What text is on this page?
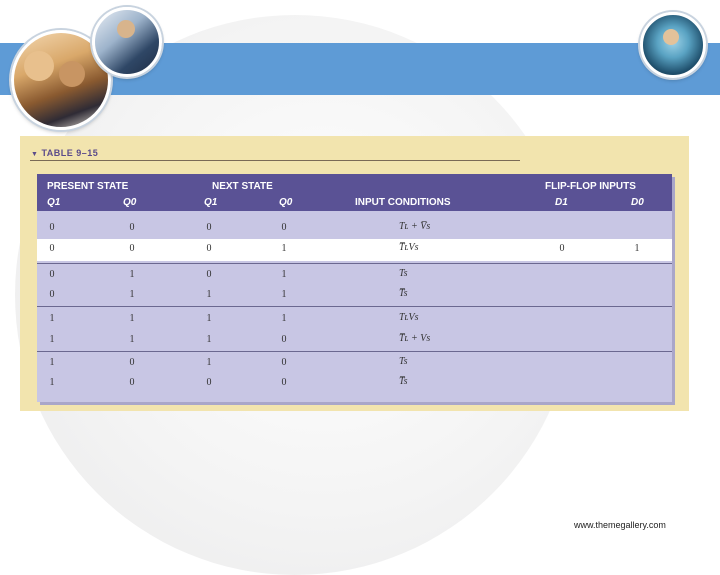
▼ TABLE 9–15
PRESENT STATE	NEXT STATE	FLIP-FLOP INPUTS
INPUT CONDITIONS
Q1	Q0	Q1	Q0	D1	D0
0	0	0	0	Tʟ + V̅s
0	0	0	1	T̅ʟVs	0	1
0	1	0	1	Ts
0	1	1	1	T̅s
1	1	1	1	TʟVs
1	1	1	0	T̅ʟ + Vs
1	0	1	0	Ts
1	0	0	0	T̅s
www.themegallery.com
